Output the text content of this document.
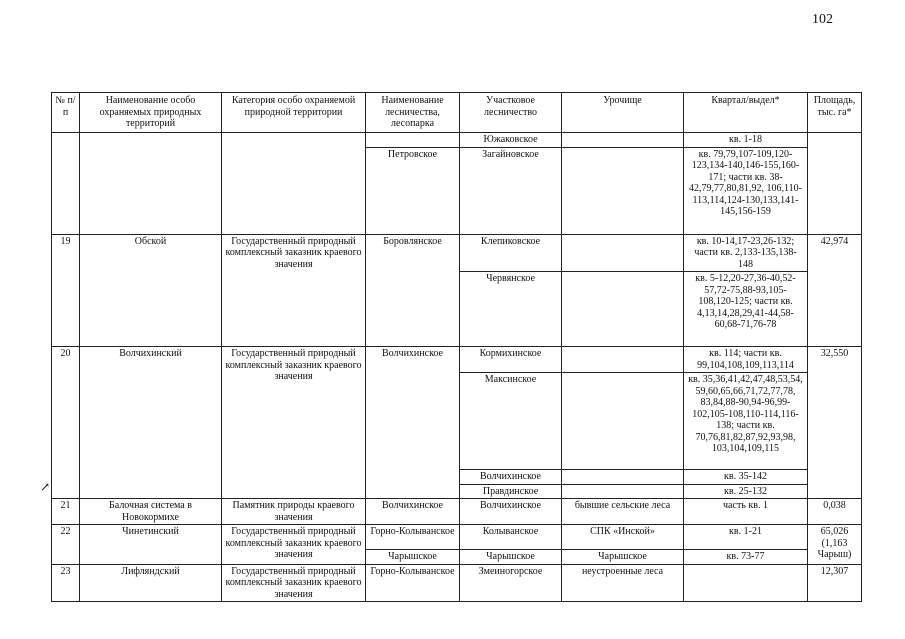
102
№ п/п	Наименование особо охраняемых природных территорий	Категория особо охраняемой природной территории	Наименование лесничества, лесопарка	Участковое лесничество	Урочище	Квартал/выдел*	Площадь, тыс. га*
				Южаковское		кв. 1-18	
			Петровское	Загайновское		кв. 79,79,107-109,120-123,134-140,146-155,160-171; части кв. 38-42,79,77,80,81,92, 106,110-113,114,124-130,133,141-145,156-159	
19	Обской	Государственный природный комплексный заказник краевого значения	Боровлянское	Клепиковское		кв. 10-14,17-23,26-132; части кв. 2,133-135,138-148	42,974
				Червянское		кв. 5-12,20-27,36-40,52-57,72-75,88-93,105-108,120-125; части кв. 4,13,14,28,29,41-44,58-60,68-71,76-78	
20	Волчихинский	Государственный природный комплексный заказник краевого значения	Волчихинское	Кормихинское		кв. 114; части кв. 99,104,108,109,113,114	32,550
				Максинское		кв. 35,36,41,42,47,48,53,54, 59,60,65,66,71,72,77,78, 83,84,88-90,94-96,99-102,105-108,110-114,116-138; части кв. 70,76,81,82,87,92,93,98, 103,104,109,115	
				Волчихинское		кв. 35-142	
				Правдинское		кв. 25-132	
21	Балочная система в Новокормихе	Памятник природы краевого значения	Волчихинское	Волчихинское	бывшие сельские леса	часть кв. 1	0,038
22	Чинетинский	Государственный природный комплексный заказник краевого значения	Горно-Колыванское	Колыванское	СПК «Инской»	кв. 1-21	65,026 (1,163 Чарыш)
			Чарышское	Чарышское	Чарышское	кв. 73-77	
23	Лифляндский	Государственный природный комплексный заказник краевого значения	Горно-Колыванское	Змеиногорское	неустроенные леса		12,307
↗
